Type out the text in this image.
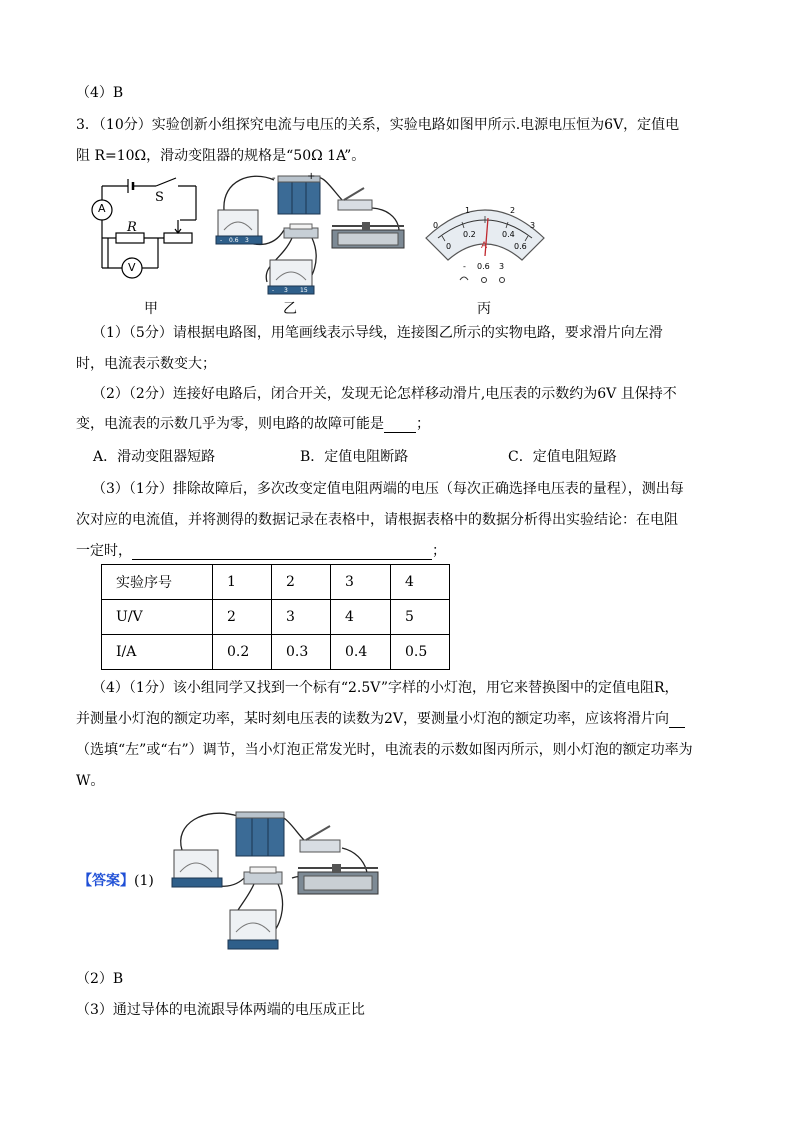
（4）B
3．（10分）实验创新小组探究电流与电压的关系，实验电路如图甲所示.电源电压恒为6V，定值电
阻 R=10Ω，滑动变阻器的规格是“50Ω 1A”。
S
A
R
V
甲
-	+
- 0.6 3
- 3 15
乙
0
1	2
3
0
0.2	0.4
0.6
A
- 0.6 3
丙
（1）（5分）请根据电路图，用笔画线表示导线，连接图乙所示的实物电路，要求滑片向左滑
时，电流表示数变大；
（2）（2分）连接好电路后，闭合开关，发现无论怎样移动滑片,电压表的示数约为6V 且保持不
变，电流表的示数几乎为零，则电路的故障可能是 ；
A．滑动变阻器短路	B．定值电阻断路	C．定值电阻短路
（3）（1分）排除故障后，多次改变定值电阻两端的电压（每次正确选择电压表的量程），测出每
次对应的电流值，并将测得的数据记录在表格中，请根据表格中的数据分析得出实验结论：在电阻
一定时，	；
实验序号	1	2	3	4
U/V	2	3	4	5
I/A	0.2	0.3	0.4	0.5
（4）（1分）该小组同学又找到一个标有“2.5V”字样的小灯泡，用它来替换图中的定值电阻R，
并测量小灯泡的额定功率，某时刻电压表的读数为2V，要测量小灯泡的额定功率，应该将滑片向
（选填“左”或“右”）调节，当小灯泡正常发光时，电流表的示数如图丙所示，则小灯泡的额定功率为
W。
【答案】(1)
（2）B
（3）通过导体的电流跟导体两端的电压成正比
